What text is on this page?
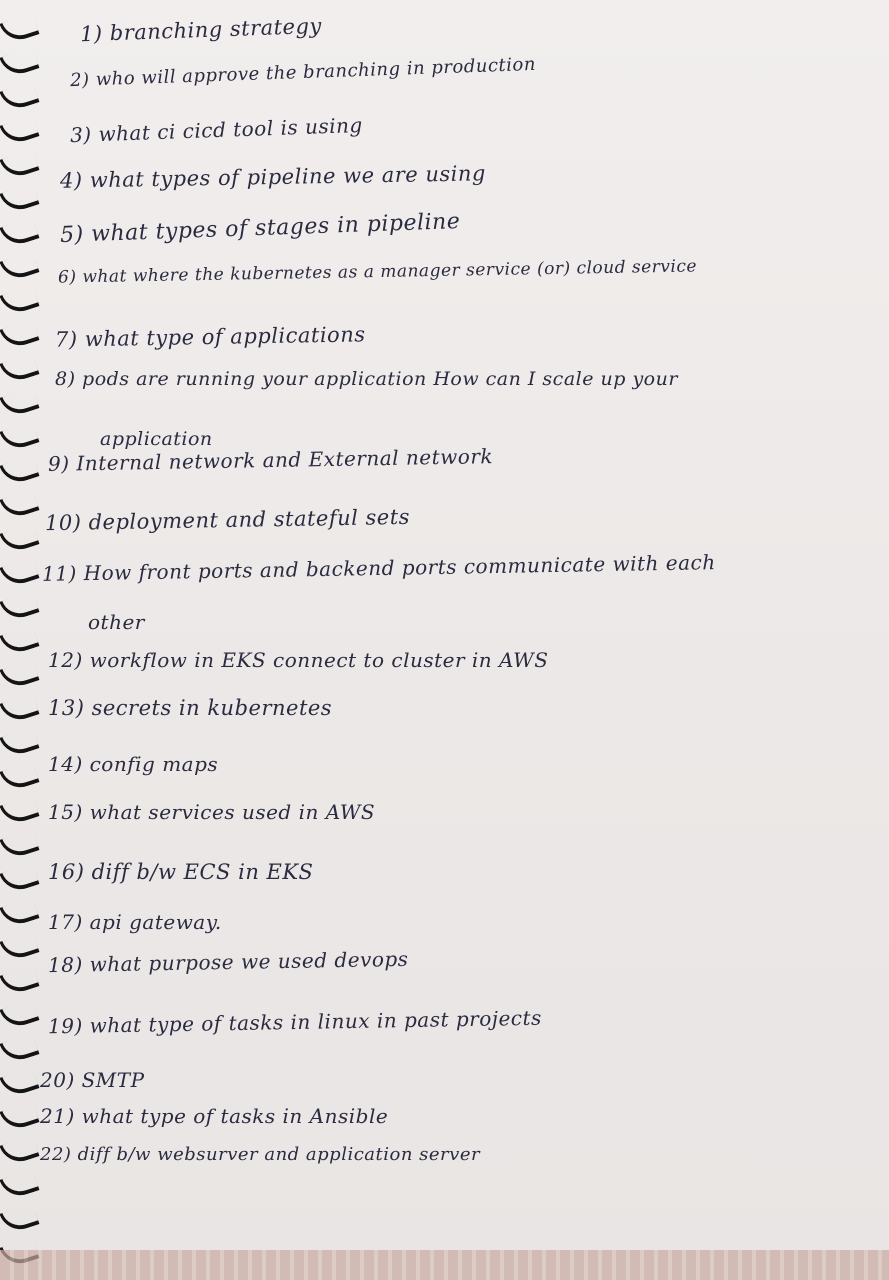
1) branching strategy
2) who will approve the branching in production
3) what ci cicd tool is using
4) what types of pipeline we are using
5) what types of stages in pipeline
6) what where the kubernetes as a manager service (or) cloud service
7) what type of applications
8) pods are running your application How can I scale up your
application
9) Internal network and External network
10) deployment and stateful sets
11) How front ports and backend ports communicate with each
other
12) workflow in EKS connect to cluster in AWS
13) secrets in kubernetes
14) config maps
15) what services used in AWS
16) diff b/w ECS in EKS
17) api gateway.
18) what purpose we used devops
19) what type of tasks in linux in past projects
20) SMTP
21) what type of tasks in Ansible
22) diff b/w websurver and application server
